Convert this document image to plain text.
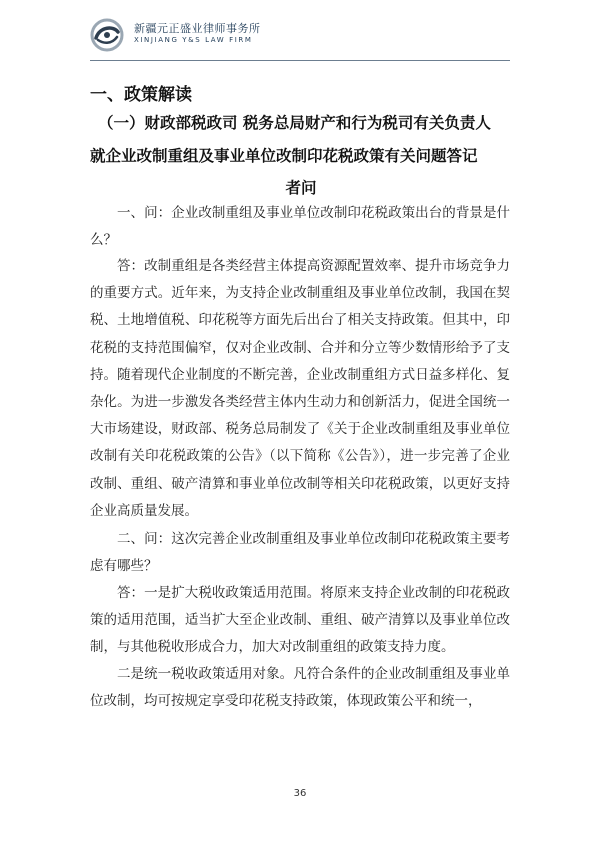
新疆元正盛业律师事务所
XINJIANG Y&S LAW FIRM
一、政策解读
（一）财政部税政司 税务总局财产和行为税司有关负责人
就企业改制重组及事业单位改制印花税政策有关问题答记
者问

一、问：企业改制重组及事业单位改制印花税政策出台的背景是什么？

答：改制重组是各类经营主体提高资源配置效率、提升市场竞争力的重要方式。近年来，为支持企业改制重组及事业单位改制，我国在契税、土地增值税、印花税等方面先后出台了相关支持政策。但其中，印花税的支持范围偏窄，仅对企业改制、合并和分立等少数情形给予了支持。随着现代企业制度的不断完善，企业改制重组方式日益多样化、复杂化。为进一步激发各类经营主体内生动力和创新活力，促进全国统一大市场建设，财政部、税务总局制发了《关于企业改制重组及事业单位改制有关印花税政策的公告》（以下简称《公告》），进一步完善了企业改制、重组、破产清算和事业单位改制等相关印花税政策，以更好支持企业高质量发展。

二、问：这次完善企业改制重组及事业单位改制印花税政策主要考虑有哪些？

答：一是扩大税收政策适用范围。将原来支持企业改制的印花税政策的适用范围，适当扩大至企业改制、重组、破产清算以及事业单位改制，与其他税收形成合力，加大对改制重组的政策支持力度。

二是统一税收政策适用对象。凡符合条件的企业改制重组及事业单位改制，均可按规定享受印花税支持政策，体现政策公平和统一，

36
